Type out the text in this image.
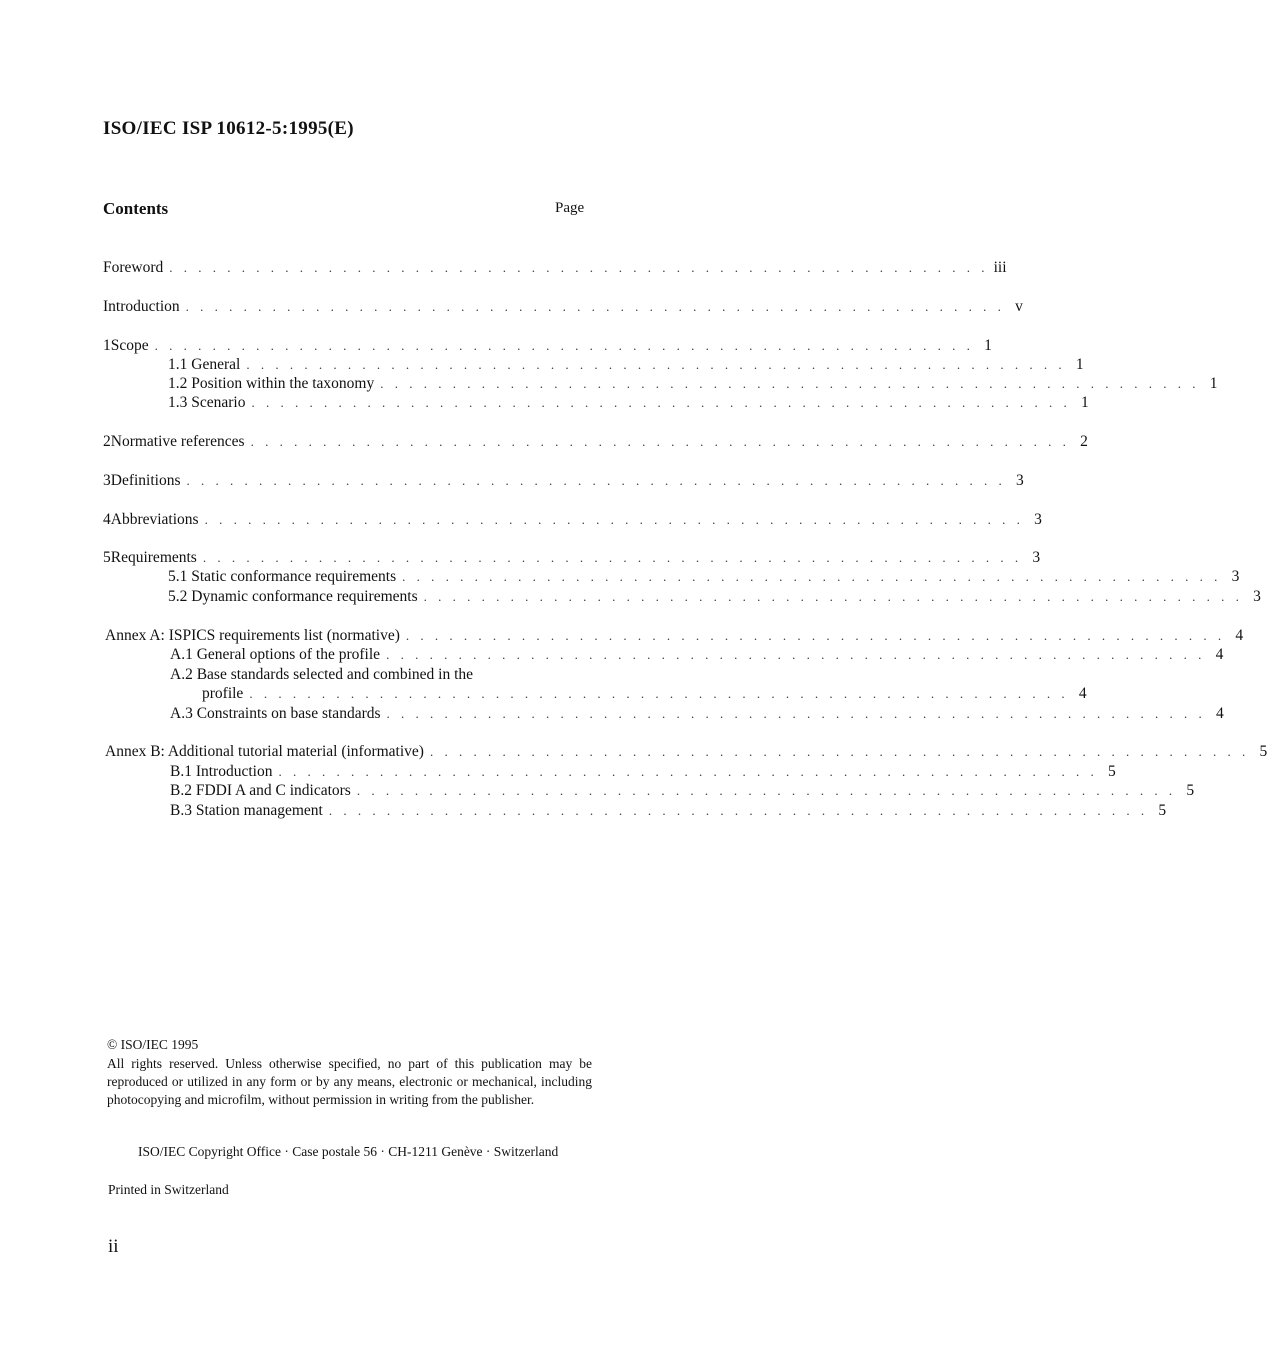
ISO/IEC ISP 10612-5:1995(E)
Contents	Page
Foreword . . . . . . . . . . . . . . . . . . . . . . . . . . . . . . . . . . . . . . . . . . . . . . . . . . . . . . . . . iii
Introduction . . . . . . . . . . . . . . . . . . . . . . . . . . . . . . . . . . . . . . . . . . . . . . . . . . . . . . . . . v
1 Scope . . . . . . . . . . . . . . . . . . . . . . . . . . . . . . . . . . . . . . . . . . . . . . . . . . . . . . . . . 1
1.1 General . . . . . . . . . . . . . . . . . . . . . . . . . . . . . . . . . . . . . . . . . . . . . . . . . . . . . . . . . 1
1.2 Position within the taxonomy . . . . . . . . . . . . . . . . . . . . . . . . . . . . . . . . . . . . . . . . . . . . . . . . . . . . . . . . . 1
1.3 Scenario . . . . . . . . . . . . . . . . . . . . . . . . . . . . . . . . . . . . . . . . . . . . . . . . . . . . . . . . . 1
2 Normative references . . . . . . . . . . . . . . . . . . . . . . . . . . . . . . . . . . . . . . . . . . . . . . . . . . . . . . . . . 2
3 Definitions . . . . . . . . . . . . . . . . . . . . . . . . . . . . . . . . . . . . . . . . . . . . . . . . . . . . . . . . . 3
4 Abbreviations . . . . . . . . . . . . . . . . . . . . . . . . . . . . . . . . . . . . . . . . . . . . . . . . . . . . . . . . . 3
5 Requirements . . . . . . . . . . . . . . . . . . . . . . . . . . . . . . . . . . . . . . . . . . . . . . . . . . . . . . . . . 3
5.1 Static conformance requirements . . . . . . . . . . . . . . . . . . . . . . . . . . . . . . . . . . . . . . . . . . . . . . . . . . . . . . . . . 3
5.2 Dynamic conformance requirements . . . . . . . . . . . . . . . . . . . . . . . . . . . . . . . . . . . . . . . . . . . . . . . . . . . . . . . . . 3
Annex A: ISPICS requirements list (normative) . . . . . . . . . . . . . . . . . . . . . . . . . . . . . . . . . . . . . . . . . . . . . . . . . . . . . . . . . 4
A.1 General options of the profile . . . . . . . . . . . . . . . . . . . . . . . . . . . . . . . . . . . . . . . . . . . . . . . . . . . . . . . . . 4
A.2 Base standards selected and combined in the
profile . . . . . . . . . . . . . . . . . . . . . . . . . . . . . . . . . . . . . . . . . . . . . . . . . . . . . . . . . 4
A.3 Constraints on base standards . . . . . . . . . . . . . . . . . . . . . . . . . . . . . . . . . . . . . . . . . . . . . . . . . . . . . . . . . 4
Annex B: Additional tutorial material (informative) . . . . . . . . . . . . . . . . . . . . . . . . . . . . . . . . . . . . . . . . . . . . . . . . . . . . . . . . . 5
B.1 Introduction . . . . . . . . . . . . . . . . . . . . . . . . . . . . . . . . . . . . . . . . . . . . . . . . . . . . . . . . . 5
B.2 FDDI A and C indicators . . . . . . . . . . . . . . . . . . . . . . . . . . . . . . . . . . . . . . . . . . . . . . . . . . . . . . . . . 5
B.3 Station management . . . . . . . . . . . . . . . . . . . . . . . . . . . . . . . . . . . . . . . . . . . . . . . . . . . . . . . . . 5
© ISO/IEC 1995
All rights reserved. Unless otherwise specified, no part of this publication may be reproduced or utilized in any form or by any means, electronic or mechanical, including photocopying and microfilm, without permission in writing from the publisher.
ISO/IEC Copyright Office · Case postale 56 · CH-1211 Genève · Switzerland
Printed in Switzerland
ii
